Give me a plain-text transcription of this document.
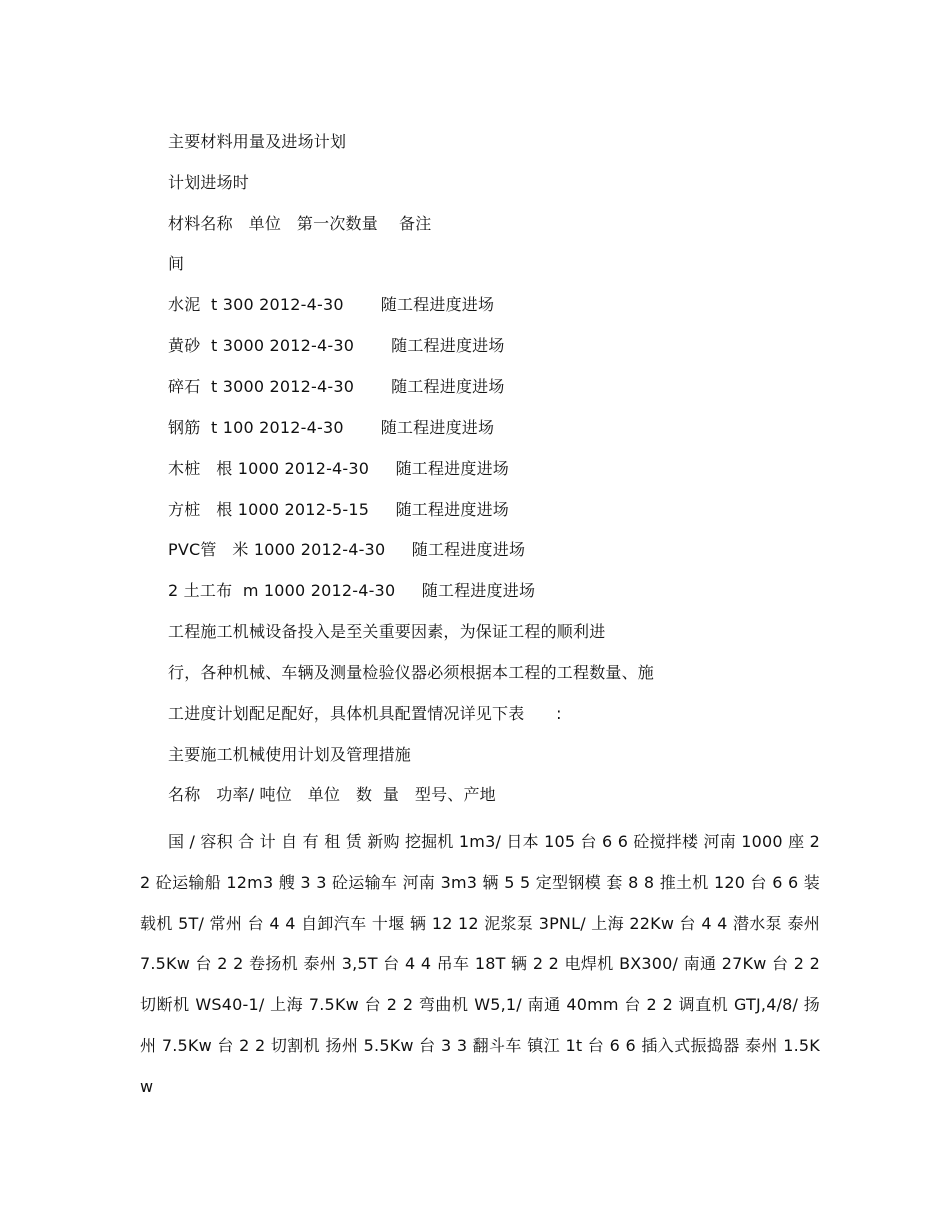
主要材料用量及进场计划
计划进场时
材料名称   单位   第一次数量    备注
间
水泥  t 300 2012-4-30       随工程进度进场
黄砂  t 3000 2012-4-30       随工程进度进场
碎石  t 3000 2012-4-30       随工程进度进场
钢筋  t 100 2012-4-30       随工程进度进场
木桩   根 1000 2012-4-30     随工程进度进场
方桩   根 1000 2012-5-15     随工程进度进场
PVC管   米 1000 2012-4-30     随工程进度进场
2 土工布  m 1000 2012-4-30     随工程进度进场
工程施工机械设备投入是至关重要因素，为保证工程的顺利进
行，各种机械、车辆及测量检验仪器必须根据本工程的工程数量、施
工进度计划配足配好，具体机具配置情况详见下表      :
主要施工机械使用计划及管理措施
名称   功率/ 吨位   单位   数  量   型号、产地
国 / 容积 合 计 自 有 租 赁 新购 挖掘机 1m3/ 日本 105 台 6 6 砼搅拌楼 河南 1000 座 2 2 砼运输船 12m3 艘 3 3 砼运输车 河南 3m3 辆 5 5 定型钢模 套 8 8 推土机 120 台 6 6 装载机 5T/ 常州 台 4 4 自卸汽车 十堰 辆 12 12 泥浆泵 3PNL/ 上海 22Kw 台 4 4 潜水泵 泰州 7.5Kw 台 2 2 卷扬机 泰州 3,5T 台 4 4 吊车 18T 辆 2 2 电焊机 BX300/ 南通 27Kw 台 2 2 切断机 WS40-1/ 上海 7.5Kw 台 2 2 弯曲机 W5,1/ 南通 40mm 台 2 2 调直机 GTJ,4/8/ 扬州 7.5Kw 台 2 2 切割机 扬州 5.5Kw 台 3 3 翻斗车 镇江 1t 台 6 6 插入式振捣器 泰州 1.5Kw
